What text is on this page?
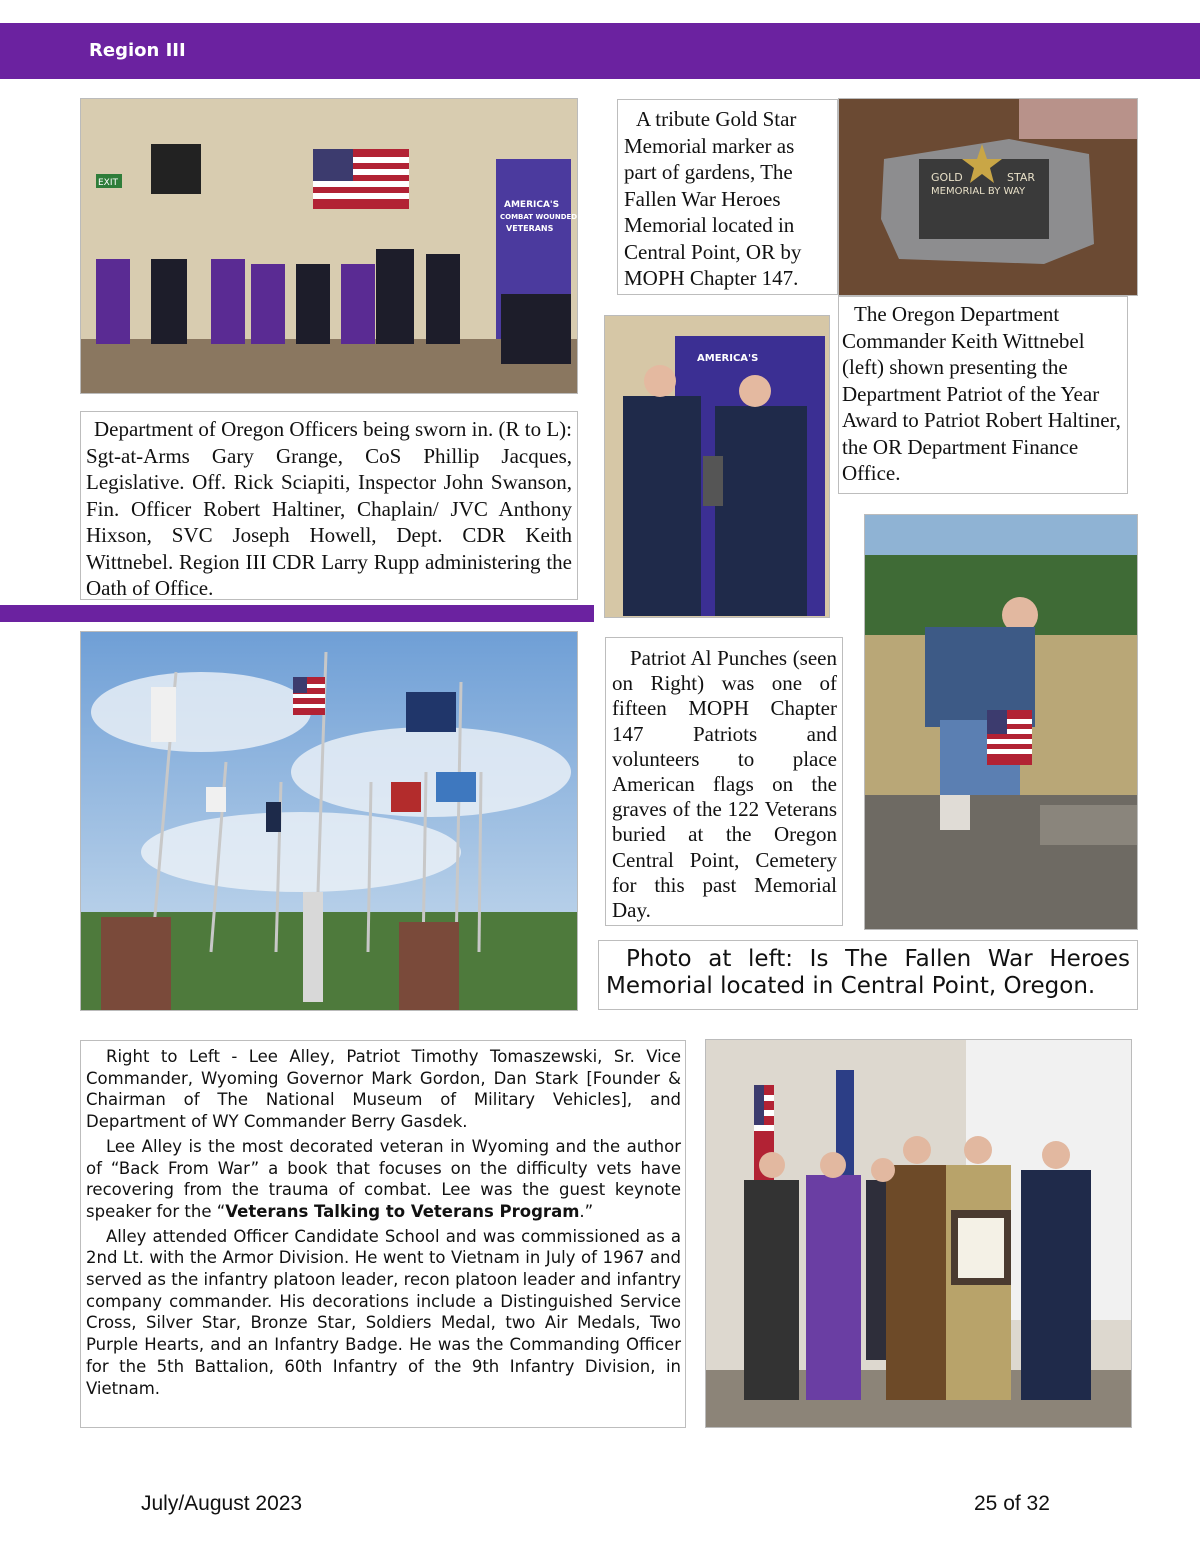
Region III
EXIT
AMERICA'S
COMBAT WOUNDED
VETERANS
Department of Oregon Officers being sworn in. (R to L): Sgt-at-Arms Gary Grange, CoS Phillip Jacques, Legislative. Off. Rick Sciapiti, Inspector John Swanson, Fin. Officer Robert Haltiner, Chaplain/ JVC Anthony Hixson, SVC Joseph Howell, Dept. CDR Keith Wittnebel. Region III CDR Larry Rupp administering the Oath of Office.
A tribute Gold Star Memorial marker as part of gardens, The Fallen War Heroes Memorial located in Central Point, OR by MOPH Chapter 147.
GOLD	STAR
MEMORIAL BY WAY
AMERICA'S
The Oregon Department Commander Keith Wittnebel (left) shown presenting the Department Patriot of the Year Award to Patriot Robert Haltiner, the OR Department Finance Office.
Patriot Al Punches (seen on Right) was one of fifteen MOPH Chapter 147 Patriots and volunteers to place American flags on the graves of the 122 Veterans buried at the Oregon Central Point, Cemetery for this past Memorial Day.
Photo at left: Is The Fallen War Heroes Memorial located in Central Point, Oregon.

Right to Left - Lee Alley, Patriot Timothy Tomaszewski, Sr. Vice Commander, Wyoming Governor Mark Gordon, Dan Stark [Founder & Chairman of The National Museum of Military Vehicles], and Department of WY Commander Berry Gasdek.

Lee Alley is the most decorated veteran in Wyoming and the author of “Back From War” a book that focuses on the difficulty vets have recovering from the trauma of combat. Lee was the guest keynote speaker for the “Veterans Talking to Veterans Program.”

Alley attended Officer Candidate School and was commissioned as a 2nd Lt. with the Armor Division. He went to Vietnam in July of 1967 and served as the infantry platoon leader, recon platoon leader and infantry company commander. His decorations include a Distinguished Service Cross, Silver Star, Bronze Star, Soldiers Medal, two Air Medals, Two Purple Hearts, and an Infantry Badge. He was the Commanding Officer for the 5th Battalion, 60th Infantry of the 9th Infantry Division, in Vietnam.

July/August 2023	25 of 32
